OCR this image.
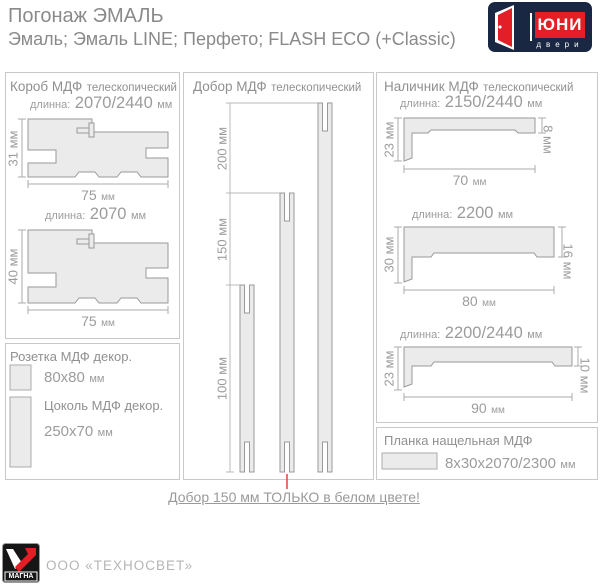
Погонаж ЭМАЛЬ
Эмаль; Эмаль LINE; Перфето; FLASH ECO (+Classic)
ЮНИ
двери
Короб МДФ телескопический
длинна: 2070/2440 мм
31 мм
75 мм
длинна: 2070 мм
40 мм
75 мм
Розетка МДФ декор.
80x80 мм
Цоколь МДФ декор.
250x70 мм
Добор МДФ телескопический
200 мм
150 мм
100 мм
Наличник МДФ телескопический
длинна: 2150/2440 мм
23 мм	8 мм
70 мм
длинна: 2200 мм
30 мм	16 мм
80 мм
длинна: 2200/2440 мм
23 мм	10 мм
90 мм
Планка нащельная МДФ
8x30x2070/2300 мм
Добор 150 мм ТОЛЬКО в белом цвете!
МАГНА
ООО «ТЕХНОСВЕТ»
